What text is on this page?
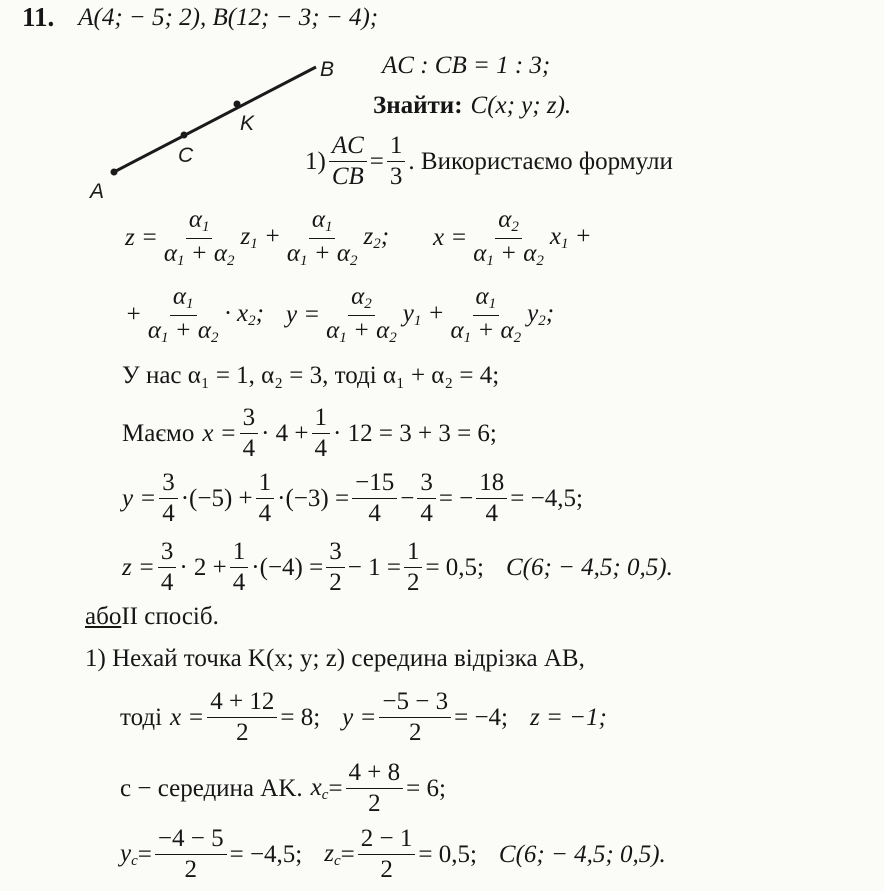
11. A(4; − 5; 2), B(12; − 3; − 4);
A
B
C
K
AC : CB = 1 : 3;
Знайти: C(x; y; z).
$1) \frac{AC}{CB} = \frac{1}{3}$ . Використаємо формули
$z = \frac{\alpha_1}{\alpha_1 + \alpha_2} z_1 + \frac{\alpha_1}{\alpha_1 + \alpha_2} z_2$; $x = \frac{\alpha_2}{\alpha_1 + \alpha_2} x_1$ +
+ $\frac{\alpha_1}{\alpha_1 + \alpha_2} \cdot x_2$; $y = \frac{\alpha_2}{\alpha_1 + \alpha_2} y_1 + \frac{\alpha_1}{\alpha_1 + \alpha_2} y_2$;
У нас α₁ = 1, α₂ = 3, тоді α₁ + α₂ = 4;
Маємо $x = \frac{3}{4} \cdot 4 + \frac{1}{4} \cdot 12 = 3 + 3 = 6$;
$y = \frac{3}{4} \cdot(-5) + \frac{1}{4} \cdot(-3) = \frac{-15}{4} - \frac{3}{4}$ = − $\frac{18}{4} = -4,5$;
$z = \frac{3}{4} \cdot 2 + \frac{1}{4} \cdot(-4) = \frac{3}{2} - 1 = \frac{1}{2} = 0,5$; C(6; − 4,5; 0,5).
або II спосіб.
1) Нехай точка K(x; y; z) середина відрізка AB,
тоді $x = \frac{4 + 12}{2} = 8$; $y = \frac{-5 - 3}{2} = -4$; z = −1;
c − середина AK. $x_c = \frac{4 + 8}{2} = 6$;
$y_c = \frac{-4 - 5}{2} = -4,5$; $z_c = \frac{2 - 1}{2} = 0,5$; C(6; − 4,5; 0,5).
